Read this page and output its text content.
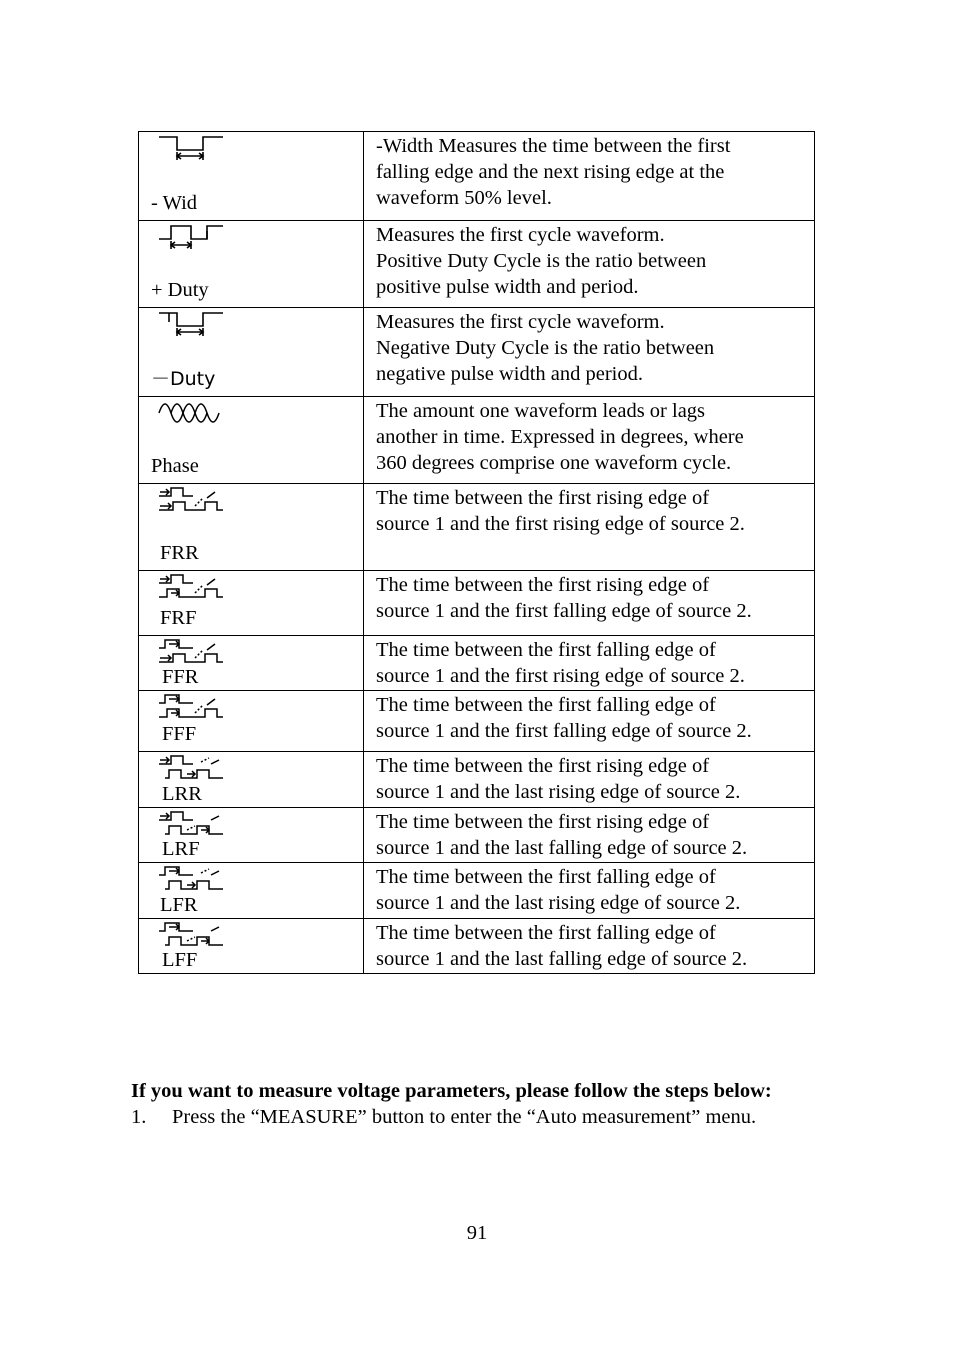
- Wid	-Width Measures the time between the first
falling edge and the next rising edge at the
waveform 50% level.

+ Duty	Measures the first cycle waveform.
Positive Duty Cycle is the ratio between
positive pulse width and period.

－Duty	Measures the first cycle waveform.
Negative Duty Cycle is the ratio between
negative pulse width and period.

Phase	The amount one waveform leads or lags
another in time. Expressed in degrees, where
360 degrees comprise one waveform cycle.

FRR	The time between the first rising edge of
source 1 and the first rising edge of source 2.

FRF	The time between the first rising edge of
source 1 and the first falling edge of source 2.

FFR	The time between the first falling edge of
source 1 and the first rising edge of source 2.

FFF	The time between the first falling edge of
source 1 and the first falling edge of source 2.

LRR	The time between the first rising edge of
source 1 and the last rising edge of source 2.

LRF	The time between the first rising edge of
source 1 and the last falling edge of source 2.

LFR	The time between the first falling edge of
source 1 and the last rising edge of source 2.

LFF	The time between the first falling edge of
source 1 and the last falling edge of source 2.
If you want to measure voltage parameters, please follow the steps below:
1. Press the “MEASURE” button to enter the “Auto measurement” menu.
91
